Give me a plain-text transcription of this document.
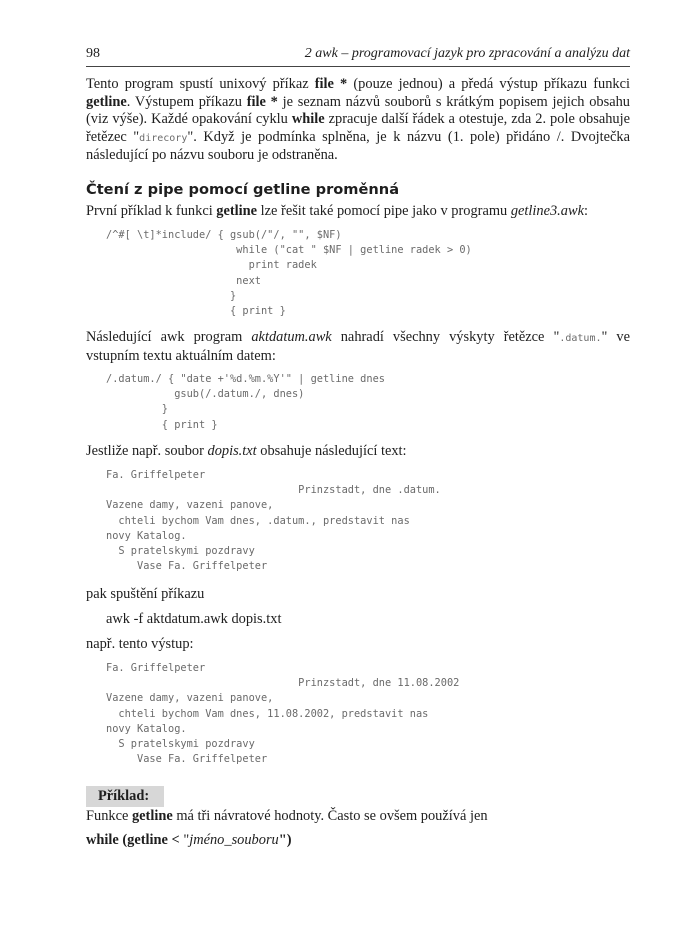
98	2 awk – programovací jazyk pro zpracování a analýzu dat
Tento program spustí unixový příkaz file * (pouze jednou) a předá výstup příkazu funkci getline. Výstupem příkazu file * je seznam názvů souborů s krátkým popisem jejich obsahu (viz výše). Každé opakování cyklu while zpracuje další řádek a otestuje, zda 2. pole obsahuje řetězec "direcory". Když je podmínka splněna, je k názvu (1. pole) přidáno /. Dvojtečka následující po názvu souboru je odstraněna.
Čtení z pipe pomocí getline proměnná
První příklad k funkci getline lze řešit také pomocí pipe jako v programu getline3.awk:
/^#[ \t]*include/ { gsub(/"/, "", $NF)
while ("cat " $NF | getline radek > 0)
print radek
next
}
{ print }
Následující awk program aktdatum.awk nahradí všechny výskyty řetězce ".datum." ve vstupním textu aktuálním datem:
/.datum./ { "date +'%d.%m.%Y'" | getline dnes
gsub(/.datum./, dnes)
}
{ print }
Jestliže např. soubor dopis.txt obsahuje následující text:
Fa. Griffelpeter
Prinzstadt, dne .datum.
Vazene damy, vazeni panove,
chteli bychom Vam dnes, .datum., predstavit nas
novy Katalog.
S pratelskymi pozdravy
Vase Fa. Griffelpeter
pak spuštění příkazu
awk -f aktdatum.awk dopis.txt
např. tento výstup:
Fa. Griffelpeter
Prinzstadt, dne 11.08.2002
Vazene damy, vazeni panove,
chteli bychom Vam dnes, 11.08.2002, predstavit nas
novy Katalog.
S pratelskymi pozdravy
Vase Fa. Griffelpeter
Příklad:
Funkce getline má tři návratové hodnoty. Často se ovšem používá jen
while (getline < "jméno_souboru")
